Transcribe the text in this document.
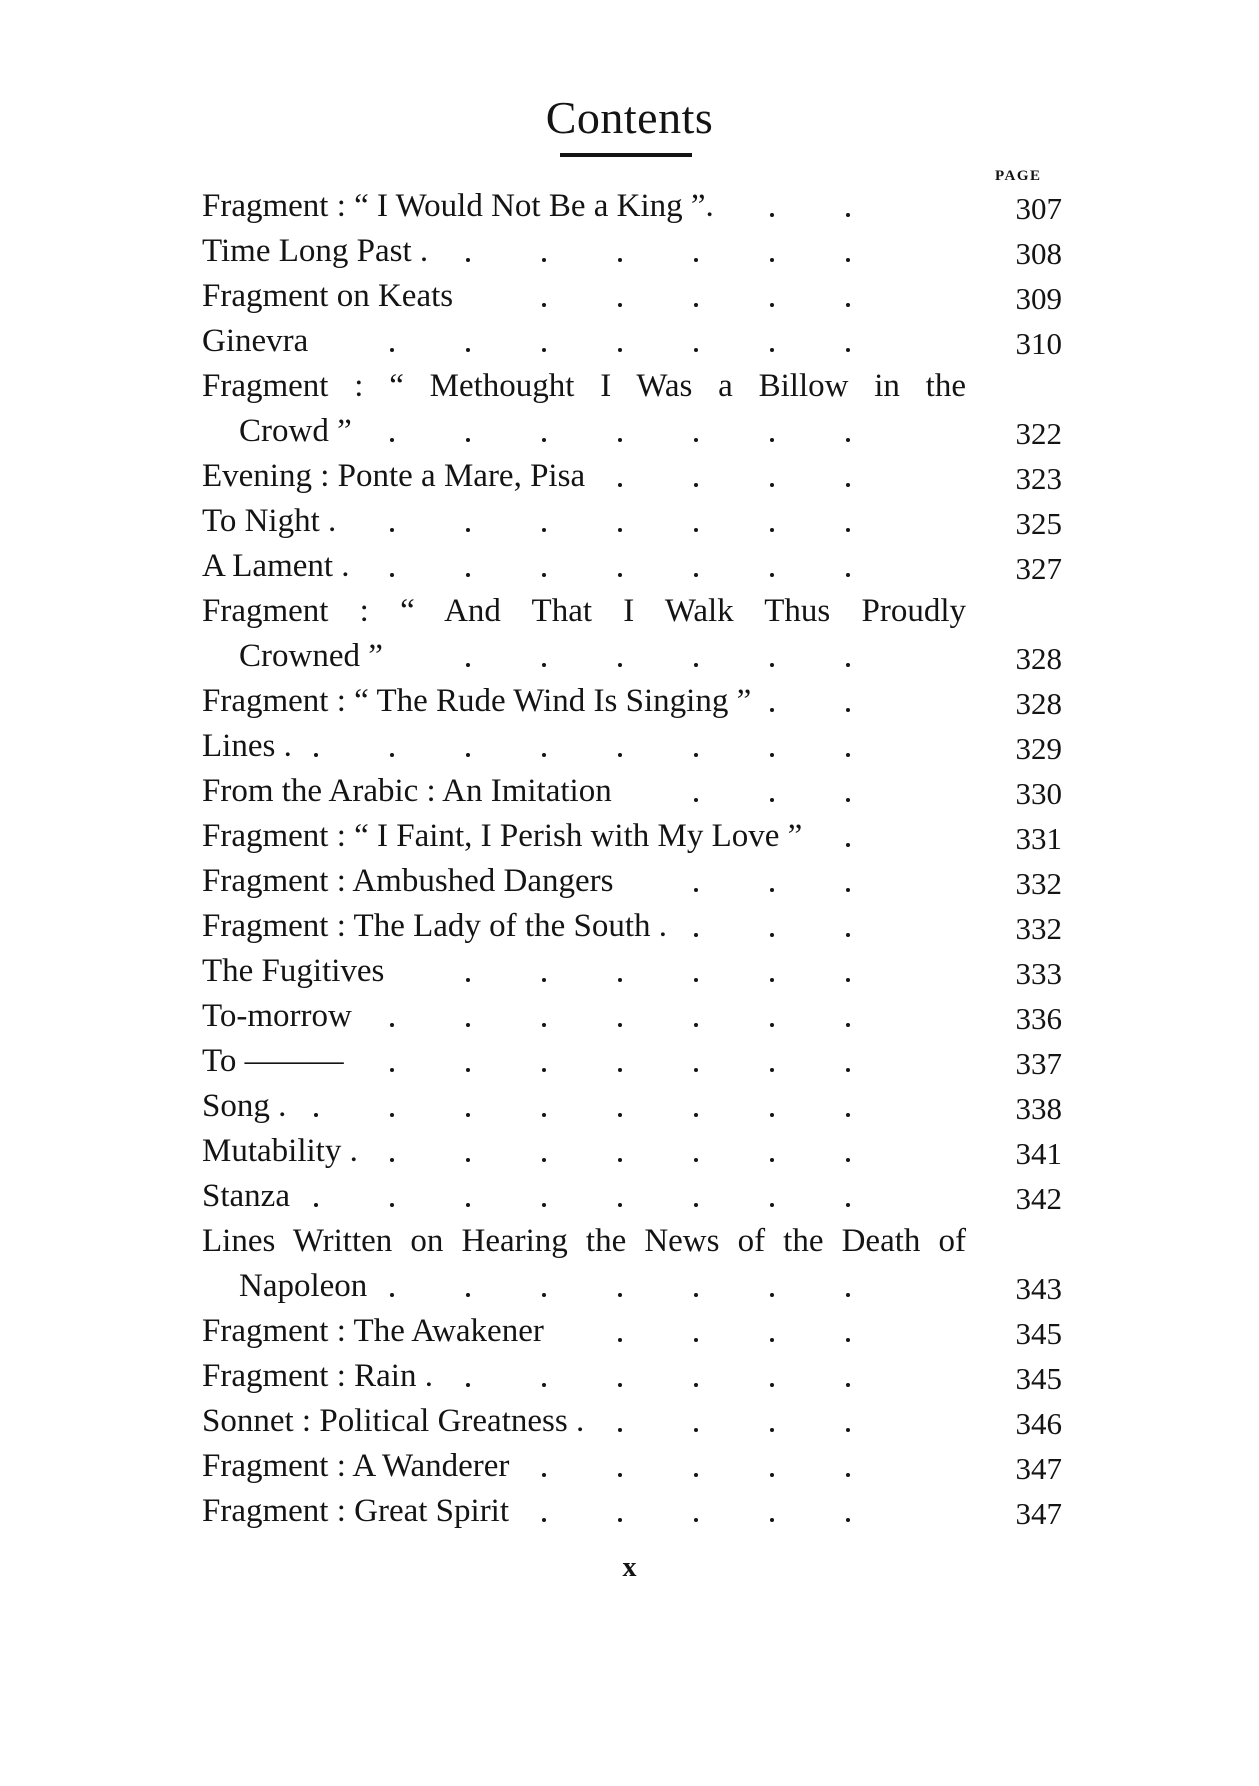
Contents
PAGE
Fragment : “ I Would Not Be a King ”.	307
Time Long Past .	308
Fragment on Keats	309
Ginevra	310
Fragment : “ Methought I Was a Billow in the
Crowd ”	322
Evening : Ponte a Mare, Pisa	323
To Night .	325
A Lament .	327
Fragment : “ And That I Walk Thus Proudly
Crowned ”	328
Fragment : “ The Rude Wind Is Singing ”	328
Lines .	329
From the Arabic : An Imitation	330
Fragment : “ I Faint, I Perish with My Love ”	331
Fragment : Ambushed Dangers	332
Fragment : The Lady of the South .	332
The Fugitives	333
To-morrow	336
To ———	337
Song .	338
Mutability .	341
Stanza	342
Lines Written on Hearing the News of the Death of
Napoleon	343
Fragment : The Awakener	345
Fragment : Rain .	345
Sonnet : Political Greatness .	346
Fragment : A Wanderer	347
Fragment : Great Spirit	347
x
